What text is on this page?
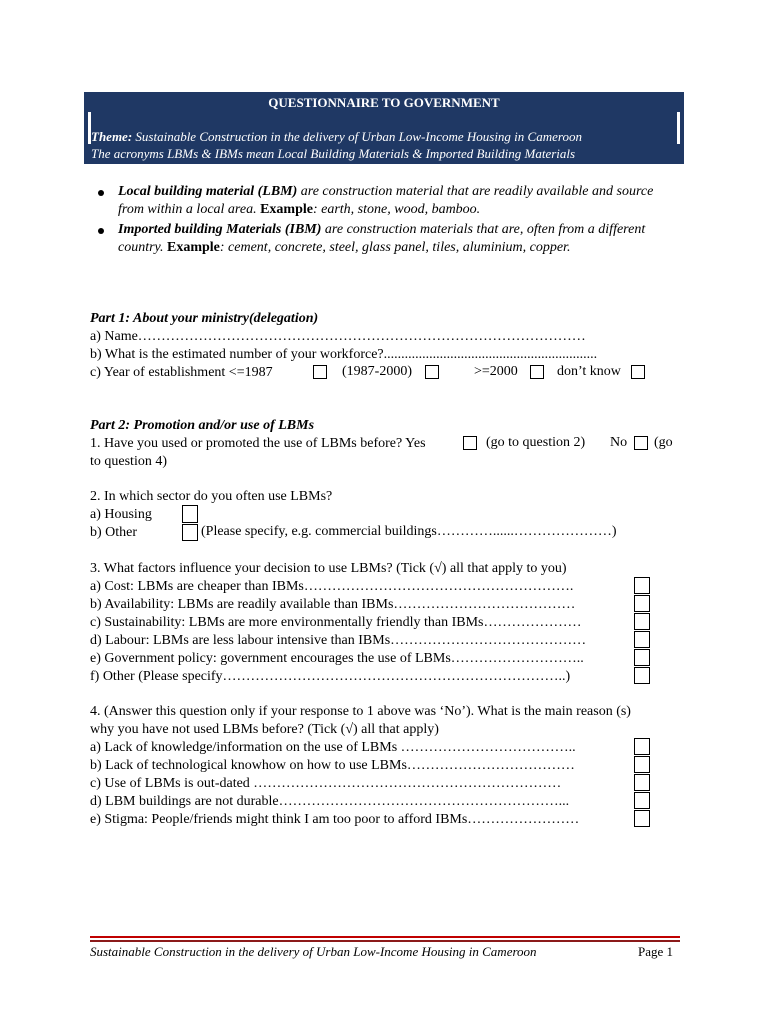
QUESTIONNAIRE TO GOVERNMENT
Theme: Sustainable Construction in the delivery of Urban Low-Income Housing in Cameroon
The acronyms LBMs & IBMs mean Local Building Materials & Imported Building Materials
Local building material (LBM) are construction material that are readily available and source from within a local area. Example: earth, stone, wood, bamboo.
Imported building Materials (IBM) are construction materials that are, often from a different country. Example: cement, concrete, steel, glass panel, tiles, aluminium, copper.
Part 1: About your ministry(delegation)
a) Name……………………………………………………………………………………
b) What is the estimated number of your workforce?.............................................................
c) Year of establishment <=1987	(1987-2000)	>=2000	don’t know
Part 2: Promotion and/or use of LBMs
1. Have you used or promoted the use of LBMs before? Yes	(go to question 2) No (go
to question 4)
2. In which sector do you often use LBMs?
a) Housing
b) Other	(Please specify, e.g. commercial buildings…………......…………………)
3. What factors influence your decision to use LBMs? (Tick (√) all that apply to you)
a) Cost: LBMs are cheaper than IBMs………………………………………………….
b) Availability: LBMs are readily available than IBMs…………………………………
c) Sustainability: LBMs are more environmentally friendly than IBMs…………………
d) Labour: LBMs are less labour intensive than IBMs……………………………………
e) Government policy: government encourages the use of LBMs………………………..
f) Other (Please specify………………………………………………………………..)
4. (Answer this question only if your response to 1 above was ‘No’). What is the main reason (s)
why you have not used LBMs before? (Tick (√) all that apply)
a) Lack of knowledge/information on the use of LBMs ………………………………..
b) Lack of technological knowhow on how to use LBMs………………………………
c) Use of LBMs is out-dated …………………………………………………………
d) LBM buildings are not durable……………………………………………………...
e) Stigma: People/friends might think I am too poor to afford IBMs……………………
Sustainable Construction in the delivery of Urban Low-Income Housing in Cameroon	Page 1
